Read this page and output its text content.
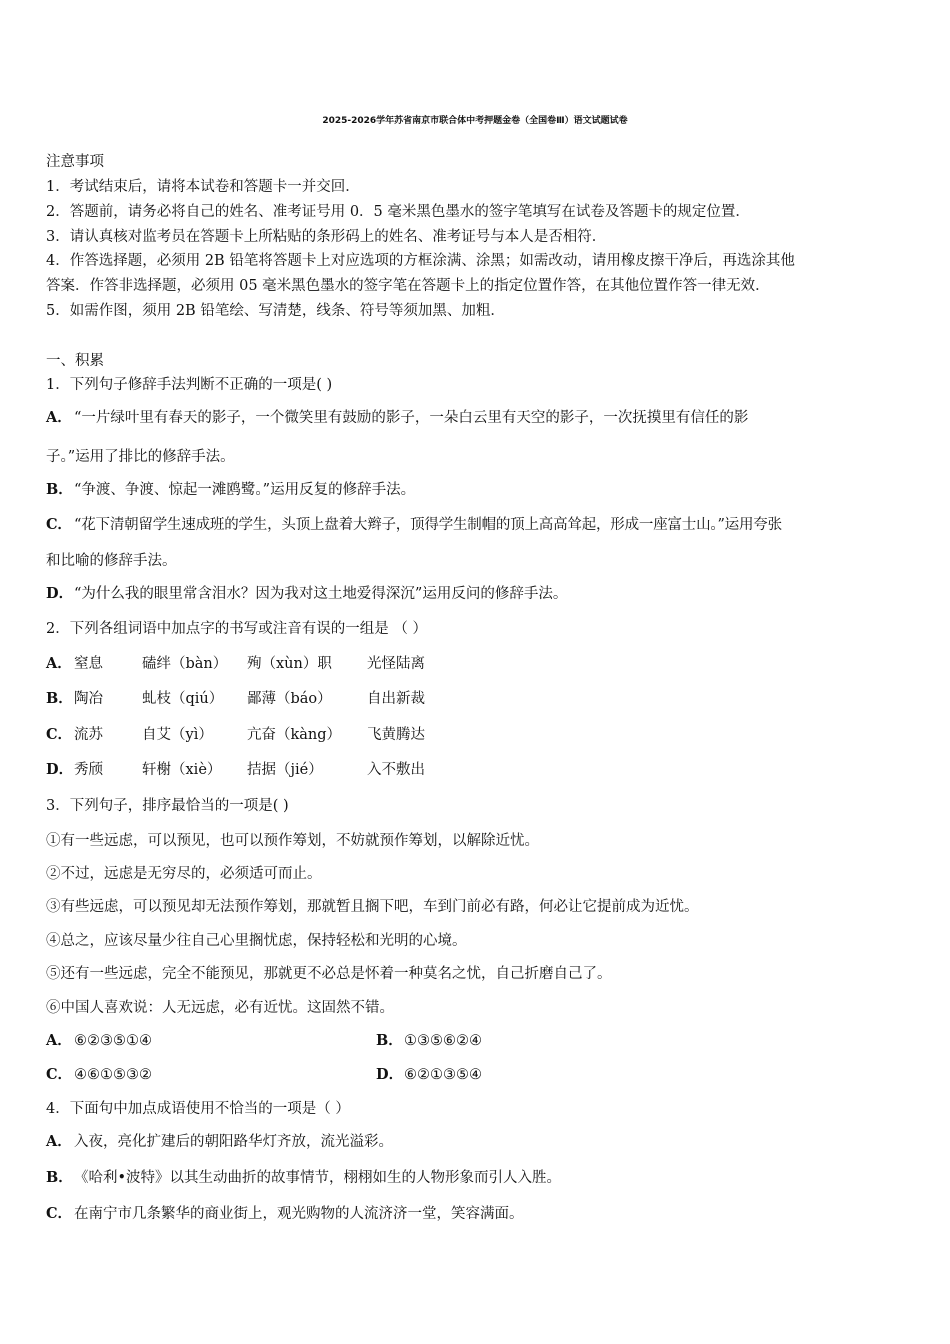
2025-2026学年苏省南京市联合体中考押题金卷（全国卷Ⅲ）语文试题试卷
注意事项
1．考试结束后，请将本试卷和答题卡一并交回．
2．答题前，请务必将自己的姓名、准考证号用 0．5 毫米黑色墨水的签字笔填写在试卷及答题卡的规定位置．
3．请认真核对监考员在答题卡上所粘贴的条形码上的姓名、准考证号与本人是否相符．
4．作答选择题，必须用 2B 铅笔将答题卡上对应选项的方框涂满、涂黑；如需改动，请用橡皮擦干净后，再选涂其他
答案．作答非选择题，必须用 05 毫米黑色墨水的签字笔在答题卡上的指定位置作答，在其他位置作答一律无效．
5．如需作图，须用 2B 铅笔绘、写清楚，线条、符号等须加黑、加粗．
一、积累
1．下列句子修辞手法判断不正确的一项是( )
A． “一片绿叶里有春天的影子，一个微笑里有鼓励的影子，一朵白云里有天空的影子，一次抚摸里有信任的影
子。”运用了排比的修辞手法。
B．“争渡、争渡、惊起一滩鸥鹭。”运用反复的修辞手法。
C． “花下清朝留学生速成班的学生，头顶上盘着大辫子，顶得学生制帽的顶上高高耸起，形成一座富士山。”运用夸张
和比喻的修辞手法。
D．“为什么我的眼里常含泪水？因为我对这土地爱得深沉”运用反问的修辞手法。
2．下列各组词语中加点字的书写或注音有误的一组是 （ ）
A． 窒息	磕绊（bàn） 殉（xùn）职 光怪陆离
B．陶冶	虬枝（qiú） 鄙薄（báo） 自出新裁
C． 流苏	自艾（yì） 亢奋（kàng） 飞黄腾达
D．秀颀	轩榭（xiè） 拮据（jié）	入不敷出
3．下列句子，排序最恰当的一项是( )
①有一些远虑，可以预见，也可以预作筹划，不妨就预作筹划，以解除近忧。
②不过，远虑是无穷尽的，必须适可而止。
③有些远虑，可以预见却无法预作筹划，那就暂且搁下吧，车到门前必有路，何必让它提前成为近忧。
④总之，应该尽量少往自己心里搁忧虑，保持轻松和光明的心境。
⑤还有一些远虑，完全不能预见，那就更不必总是怀着一种莫名之忧，自己折磨自己了。
⑥中国人喜欢说：人无远虑，必有近忧。这固然不错。
A． ⑥②③⑤①④	B．①③⑤⑥②④
C． ④⑥①⑤③②	D．⑥②①③⑤④
4．下面句中加点成语使用不恰当的一项是（ ）
A． 入夜，亮化扩建后的朝阳路华灯齐放，流光溢彩。
B．《哈利•波特》以其生动曲折的故事情节，栩栩如生的人物形象而引人入胜。
C． 在南宁市几条繁华的商业街上，观光购物的人流济济一堂，笑容满面。
